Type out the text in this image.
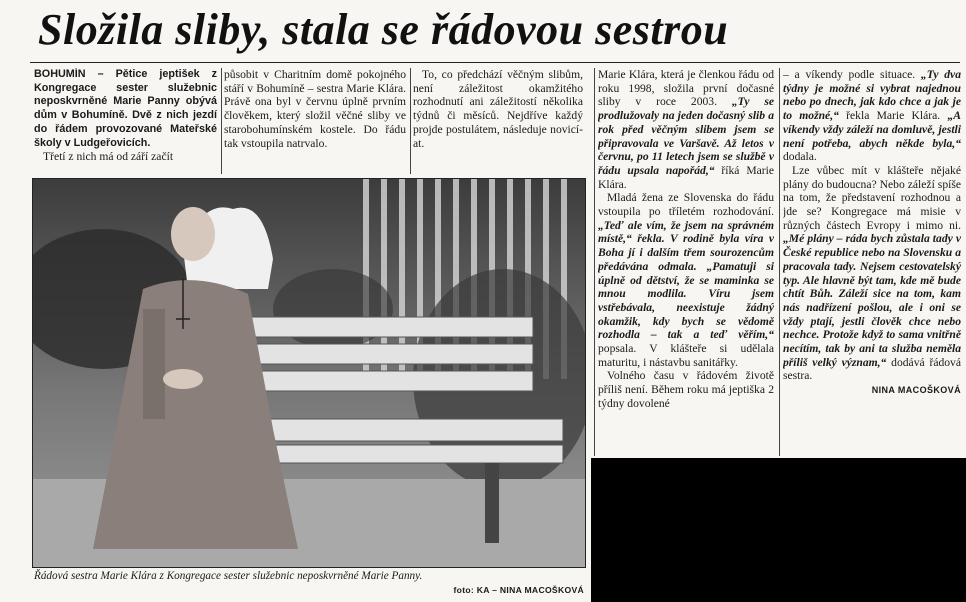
Složila sliby, stala se řádovou sestrou

BOHUMÍN – Pětice jeptišek z Kongregace sester služebnic neposkvrněné Marie Panny obývá dům v Bohumíně. Dvě z nich jezdí do řádem provozované Mateřské školy v Ludgeřovicích.

Třetí z nich má od září začít

působit v Charitním domě pokojného stáří v Bohumíně – sestra Marie Klára. Právě ona byl v červnu úplně prvním člověkem, který složil věčné sliby ve starobohumínském kostele. Do řádu tak vstoupila natrvalo.

To, co předchází věčným slibům, není záležitost okamžitého rozhodnutí ani záležitostí několika týdnů či měsíců. Nejdříve každý projde postulátem, následuje novicí-at.

Marie Klára, která je členkou řádu od roku 1998, složila první dočasné sliby v roce 2003. „Ty se prodlužovaly na jeden dočasný slib a rok před věčným slibem jsem se připravovala ve Varšavě. Až letos v červnu, po 11 letech jsem se službě v řádu upsala napořád,“ říká Marie Klára.

Mladá žena ze Slovenska do řádu vstoupila po tříletém rozhodování. „Teď ale vím, že jsem na správném místě,“ řekla. V rodině byla víra v Boha jí i dalším třem sourozencům předávána odmala. „Pamatuji si úplně od dětství, že se maminka se mnou modlila. Víru jsem vstřebávala, neexistuje žádný okamžik, kdy bych se vědomě rozhodla – tak a teď věřím,“ popsala. V klášteře si udělala maturitu, i nástavbu sanitářky.

Volného času v řádovém životě příliš není. Během roku má jeptiška 2 týdny dovolené

– a víkendy podle situace. „Ty dva týdny je možné si vybrat najednou nebo po dnech, jak kdo chce a jak je to možné,“ řekla Marie Klára. „A víkendy vždy záleží na domluvě, jestli není potřeba, abych někde byla,“ dodala.

Lze vůbec mít v klášteře nějaké plány do budoucna? Nebo záleží spíše na tom, že představení rozhodnou a jde se? Kongregace má misie v různých částech Evropy i mimo ni. „Mé plány – ráda bych zůstala tady v České republice nebo na Slovensku a pracovala tady. Nejsem cestovatelský typ. Ale hlavně být tam, kde mě bude chtít Bůh. Záleží sice na tom, kam nás nadřízení pošlou, ale i oni se vždy ptají, jestli člověk chce nebo nechce. Protože když to sama vnitřně necítím, tak by ani ta služba neměla příliš velký význam,“ dodává řádová sestra.

NINA MACOŠKOVÁ
Řádová sestra Marie Klára z Kongregace sester služebnic neposkvrněné Marie Panny.
foto: KA – NINA MACOŠKOVÁ
